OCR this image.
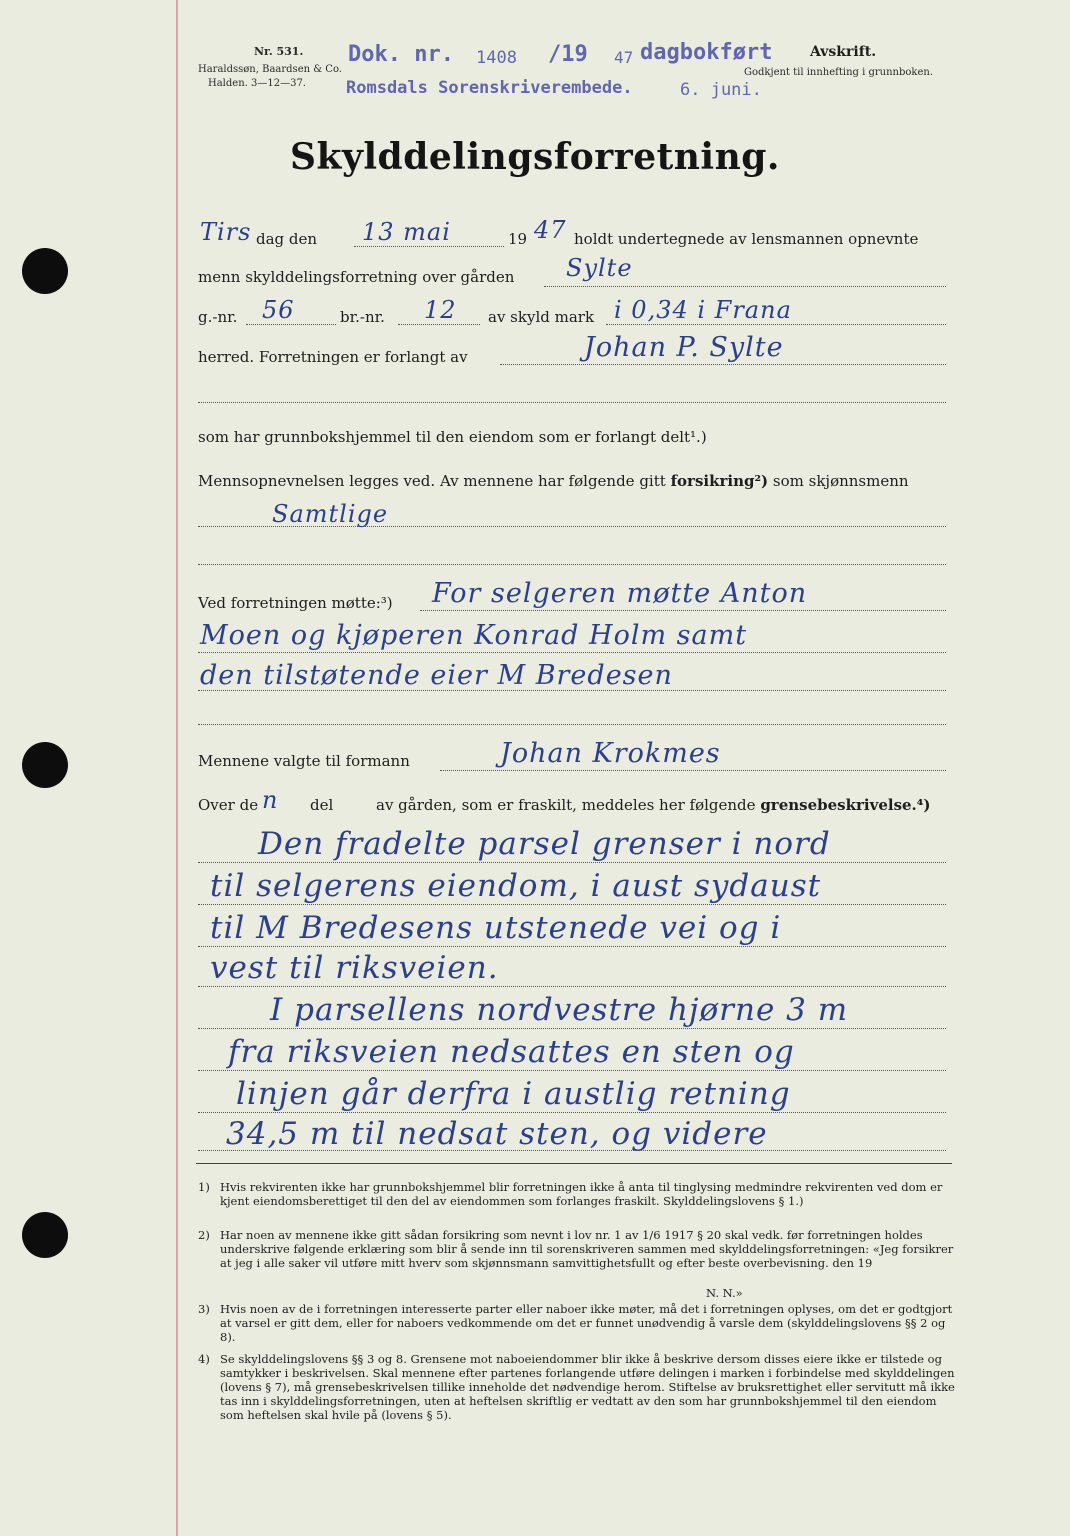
Nr. 531.
Haraldssøn, Baardsen & Co.
Halden. 3—12—37.
Dok. nr. 1408 /19 47 dagbokført
Romsdals Sorenskriverembede.	6. juni.
Avskrift.
Godkjent til innhefting i grunnboken.
Skylddelingsforretning.
Tirs dag den 13 mai	19 47 holdt undertegnede av lensmannen opnevnte
menn skylddelingsforretning over gården Sylte
g.-nr. 56	br.-nr. 12 av skyld mark i 0,34 i Frana
herred. Forretningen er forlangt av	Johan P. Sylte
som har grunnbokshjemmel til den eiendom som er forlangt delt¹.)
Mennsopnevnelsen legges ved. Av mennene har følgende gitt forsikring²) som skjønnsmenn
Samtlige
Ved forretningen møtte:³) For selgeren møtte Anton
Moen og kjøperen Konrad Holm samt
den tilstøtende eier M Bredesen
Mennene valgte til formann	Johan Krokmes
Over de n del	av gården, som er fraskilt, meddeles her følgende grensebeskrivelse.⁴)
Den fradelte parsel grenser i nord
til selgerens eiendom, i aust sydaust
til M Bredesens utstenede vei og i
vest til riksveien.
I parsellens nordvestre hjørne 3 m
fra riksveien nedsattes en sten og
linjen går derfra i austlig retning
34,5 m til nedsat sten, og videre
1) Hvis rekvirenten ikke har grunnbokshjemmel blir forretningen ikke å anta til tinglysing medmindre rekvirenten ved dom er kjent eiendomsberettiget til den del av eiendommen som forlanges fraskilt. Skylddelingslovens § 1.)
2) Har noen av mennene ikke gitt sådan forsikring som nevnt i lov nr. 1 av 1/6 1917 § 20 skal vedk. før forretningen holdes underskrive følgende erklæring som blir å sende inn til sorenskriveren sammen med skylddelingsforretningen: «Jeg forsikrer at jeg i alle saker vil utføre mitt hverv som skjønnsmann samvittighetsfullt og efter beste overbevisning. den 19
N. N.»
3) Hvis noen av de i forretningen interesserte parter eller naboer ikke møter, må det i forretningen oplyses, om det er godtgjort at varsel er gitt dem, eller for naboers vedkommende om det er funnet unødvendig å varsle dem (skylddelingslovens §§ 2 og 8).
4) Se skylddelingslovens §§ 3 og 8. Grensene mot naboeiendommer blir ikke å beskrive dersom disses eiere ikke er tilstede og samtykker i beskrivelsen. Skal mennene efter partenes forlangende utføre delingen i marken i forbindelse med skylddelingen (lovens § 7), må grensebeskrivelsen tillike inneholde det nødvendige herom. Stiftelse av bruksrettighet eller servitutt må ikke tas inn i skylddelingsforretningen, uten at heftelsen skriftlig er vedtatt av den som har grunnbokshjemmel til den eiendom som heftelsen skal hvile på (lovens § 5).
